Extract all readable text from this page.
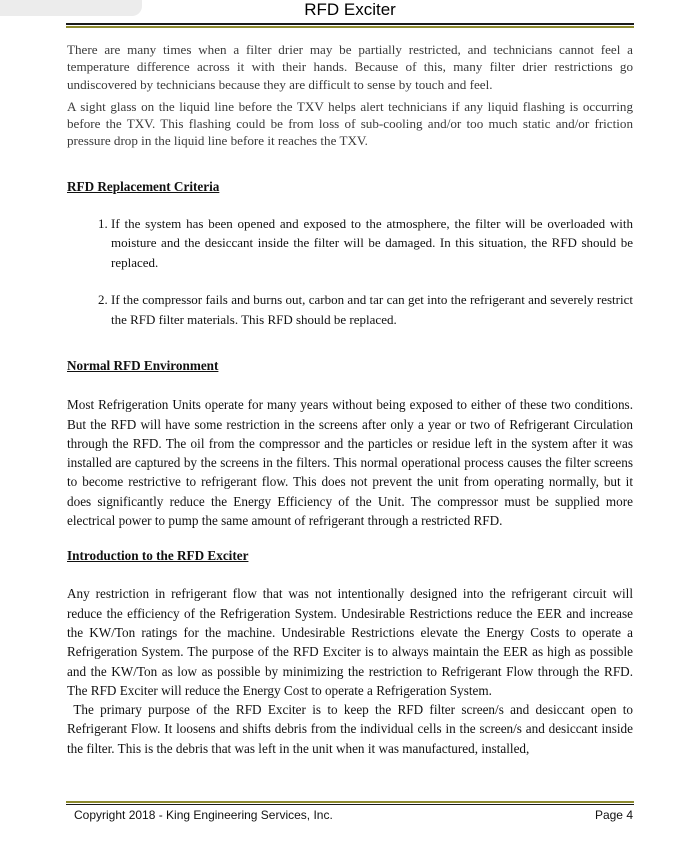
RFD Exciter

There are many times when a filter drier may be partially restricted, and technicians cannot feel a temperature difference across it with their hands. Because of this, many filter drier restrictions go undiscovered by technicians because they are difficult to sense by touch and feel.

A sight glass on the liquid line before the TXV helps alert technicians if any liquid flashing is occurring before the TXV. This flashing could be from loss of sub-cooling and/or too much static and/or friction pressure drop in the liquid line before it reaches the TXV.

RFD Replacement Criteria
1. If the system has been opened and exposed to the atmosphere, the filter will be overloaded with moisture and the desiccant inside the filter will be damaged. In this situation, the RFD should be replaced.
2. If the compressor fails and burns out, carbon and tar can get into the refrigerant and severely restrict the RFD filter materials. This RFD should be replaced.
Normal RFD Environment

Most Refrigeration Units operate for many years without being exposed to either of these two conditions. But the RFD will have some restriction in the screens after only a year or two of Refrigerant Circulation through the RFD. The oil from the compressor and the particles or residue left in the system after it was installed are captured by the screens in the filters. This normal operational process causes the filter screens to become restrictive to refrigerant flow. This does not prevent the unit from operating normally, but it does significantly reduce the Energy Efficiency of the Unit. The compressor must be supplied more electrical power to pump the same amount of refrigerant through a restricted RFD.

Introduction to the RFD Exciter

Any restriction in refrigerant flow that was not intentionally designed into the refrigerant circuit will reduce the efficiency of the Refrigeration System. Undesirable Restrictions reduce the EER and increase the KW/Ton ratings for the machine. Undesirable Restrictions elevate the Energy Costs to operate a Refrigeration System. The purpose of the RFD Exciter is to always maintain the EER as high as possible and the KW/Ton as low as possible by minimizing the restriction to Refrigerant Flow through the RFD. The RFD Exciter will reduce the Energy Cost to operate a Refrigeration System.

The primary purpose of the RFD Exciter is to keep the RFD filter screen/s and desiccant open to Refrigerant Flow. It loosens and shifts debris from the individual cells in the screen/s and desiccant inside the filter. This is the debris that was left in the unit when it was manufactured, installed,

Copyright 2018 - King Engineering Services, Inc.	Page 4
